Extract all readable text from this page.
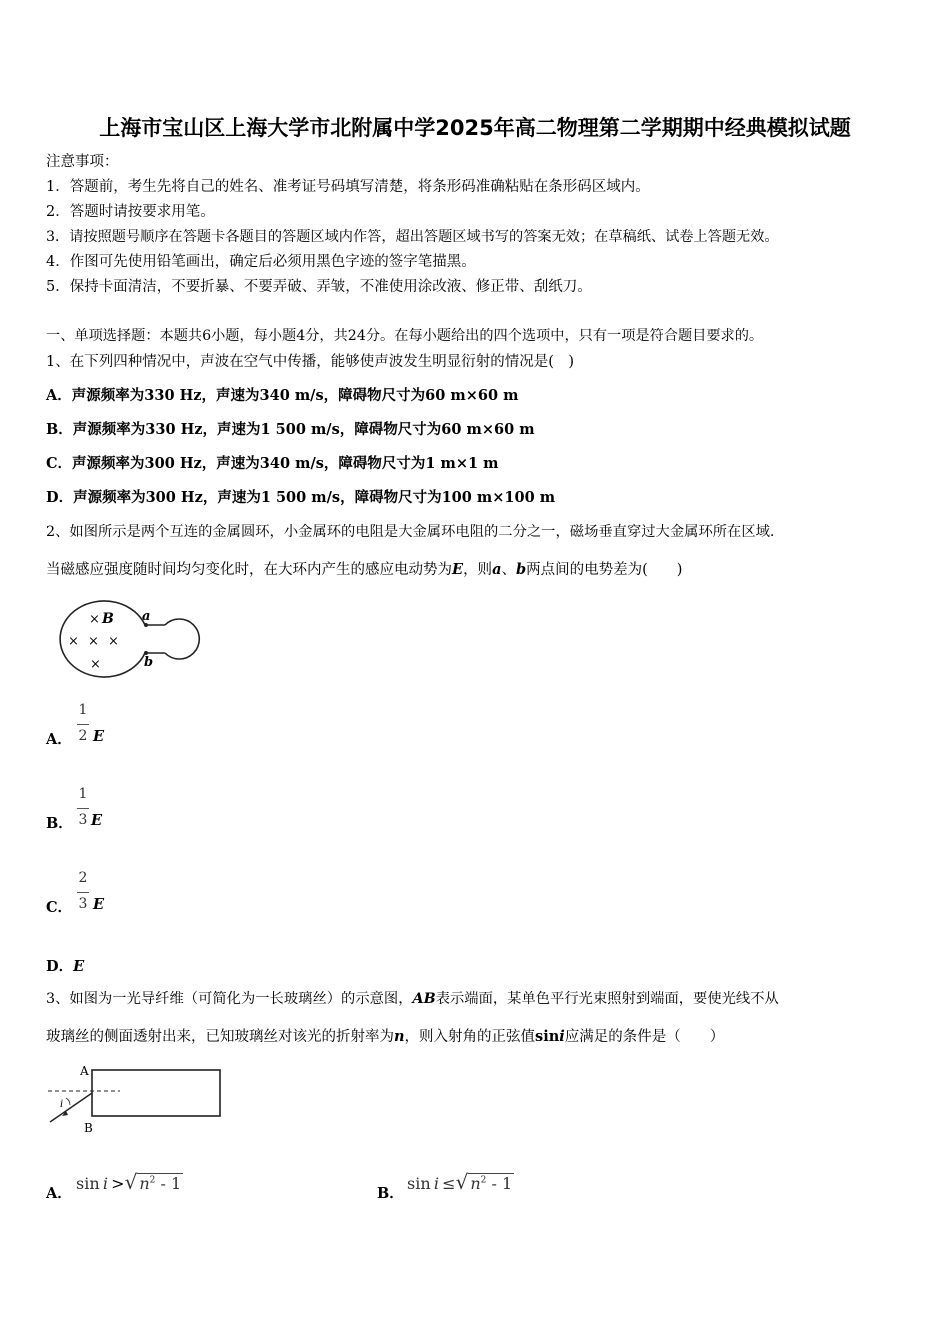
上海市宝山区上海大学市北附属中学2025年高二物理第二学期期中经典模拟试题
注意事项：
1．答题前，考生先将自己的姓名、准考证号码填写清楚，将条形码准确粘贴在条形码区域内。
2．答题时请按要求用笔。
3．请按照题号顺序在答题卡各题目的答题区域内作答，超出答题区域书写的答案无效；在草稿纸、试卷上答题无效。
4．作图可先使用铅笔画出，确定后必须用黑色字迹的签字笔描黑。
5．保持卡面清洁，不要折暴、不要弄破、弄皱，不准使用涂改液、修正带、刮纸刀。
一、单项选择题：本题共6小题，每小题4分，共24分。在每小题给出的四个选项中，只有一项是符合题目要求的。
1、在下列四种情况中，声波在空气中传播，能够使声波发生明显衍射的情况是(　)
A．声源频率为330 Hz，声速为340 m/s，障碍物尺寸为60 m×60 m
B．声源频率为330 Hz，声速为1 500 m/s，障碍物尺寸为60 m×60 m
C．声源频率为300 Hz，声速为340 m/s，障碍物尺寸为1 m×1 m
D．声源频率为300 Hz，声速为1 500 m/s，障碍物尺寸为100 m×100 m
2、如图所示是两个互连的金属圆环，小金属环的电阻是大金属环电阻的二分之一，磁场垂直穿过大金属环所在区域.
当磁感应强度随时间均匀变化时，在大环内产生的感应电动势为E，则a、b两点间的电势差为(　　)
a
b
× B
× × ×
×
A．
1
2 E
B．
1
3 E
C．
2
3 E
D．E
3、如图为一光导纤维（可简化为一长玻璃丝）的示意图，AB表示端面，某单色平行光束照射到端面，要使光线不从
玻璃丝的侧面透射出来，已知玻璃丝对该光的折射率为n，则入射角的正弦值sini应满足的条件是（　　）
A
B
i
A．
sin  i  >√ $n^2 - 1$
B．
sin  i  ≤√ $n^2 - 1$
